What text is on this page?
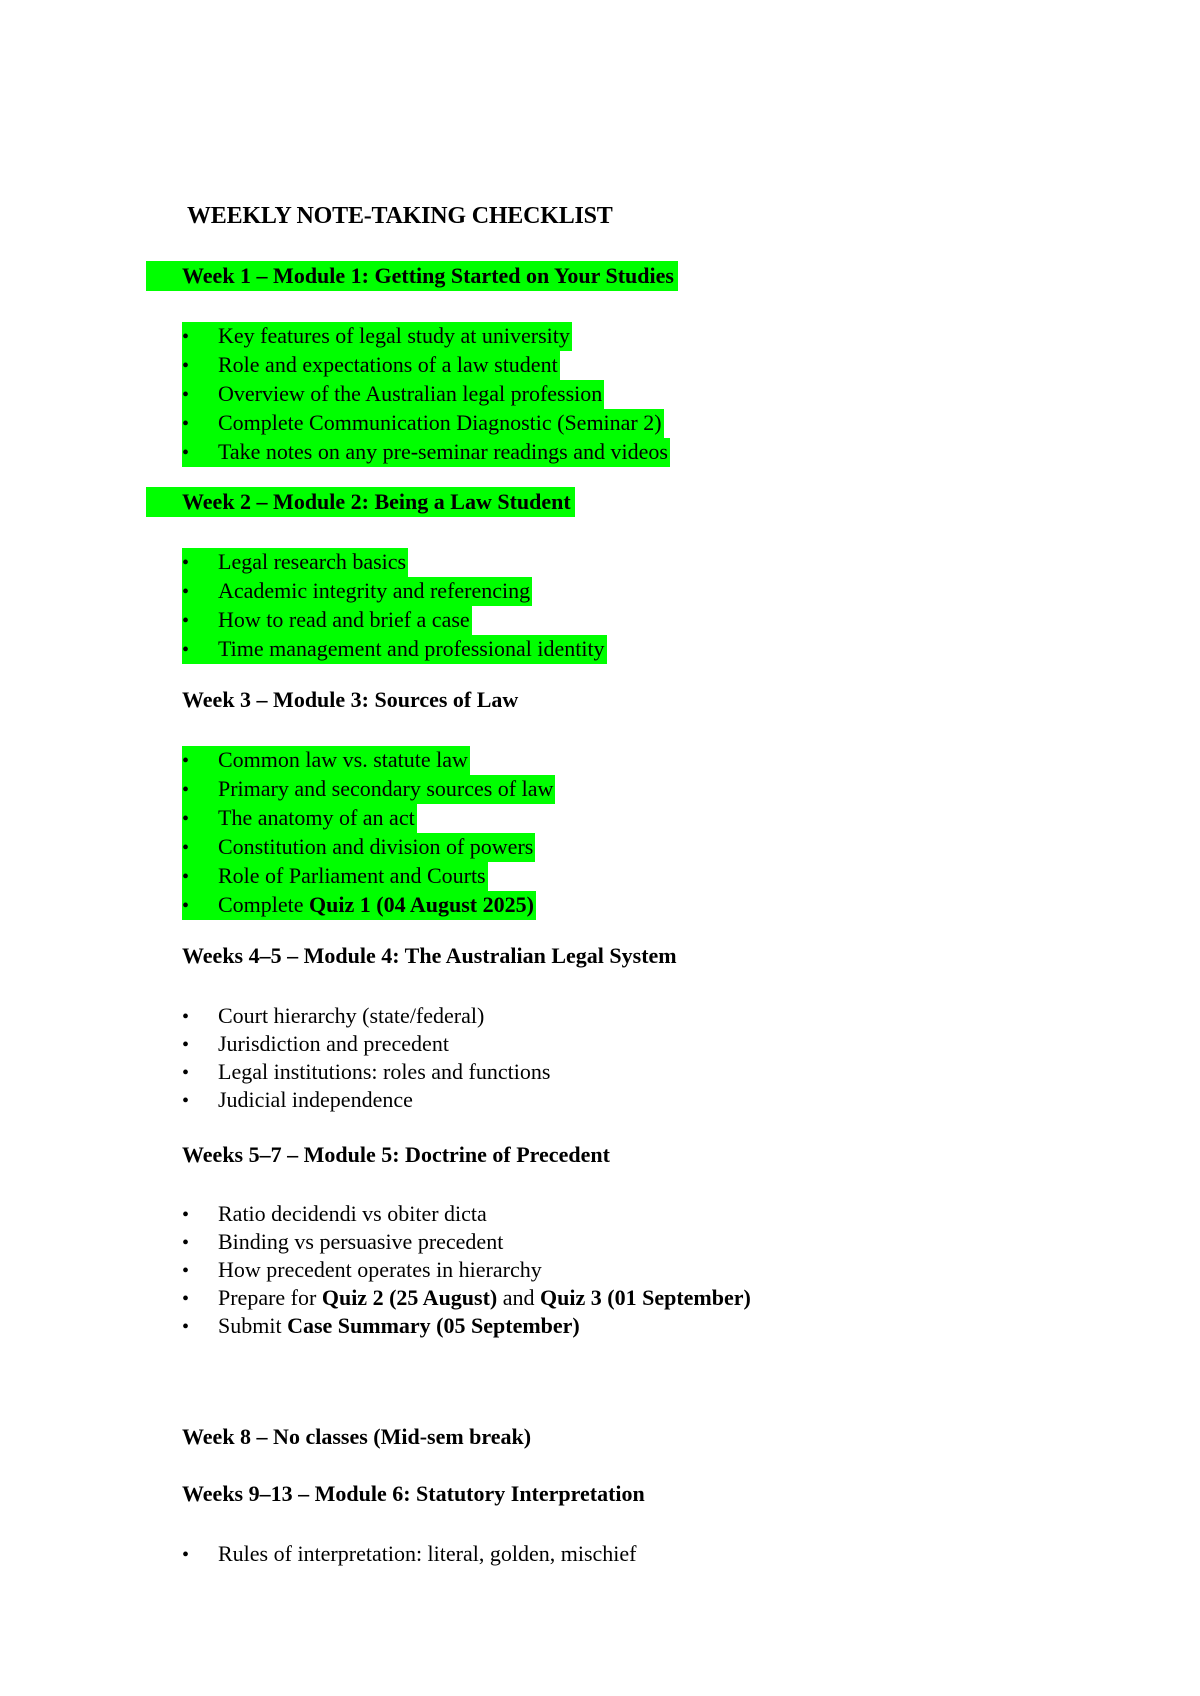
WEEKLY NOTE-TAKING CHECKLIST
Week 1 – Module 1: Getting Started on Your Studies
• Key features of legal study at university
• Role and expectations of a law student
• Overview of the Australian legal profession
• Complete Communication Diagnostic (Seminar 2)
• Take notes on any pre-seminar readings and videos
Week 2 – Module 2: Being a Law Student
• Legal research basics
• Academic integrity and referencing
• How to read and brief a case
• Time management and professional identity
Week 3 – Module 3: Sources of Law
• Common law vs. statute law
• Primary and secondary sources of law
• The anatomy of an act
• Constitution and division of powers
• Role of Parliament and Courts
• Complete Quiz 1 (04 August 2025)
Weeks 4–5 – Module 4: The Australian Legal System
• Court hierarchy (state/federal)
• Jurisdiction and precedent
• Legal institutions: roles and functions
• Judicial independence
Weeks 5–7 – Module 5: Doctrine of Precedent
• Ratio decidendi vs obiter dicta
• Binding vs persuasive precedent
• How precedent operates in hierarchy
• Prepare for Quiz 2 (25 August) and Quiz 3 (01 September)
• Submit Case Summary (05 September)
Week 8 – No classes (Mid-sem break)
Weeks 9–13 – Module 6: Statutory Interpretation
• Rules of interpretation: literal, golden, mischief
